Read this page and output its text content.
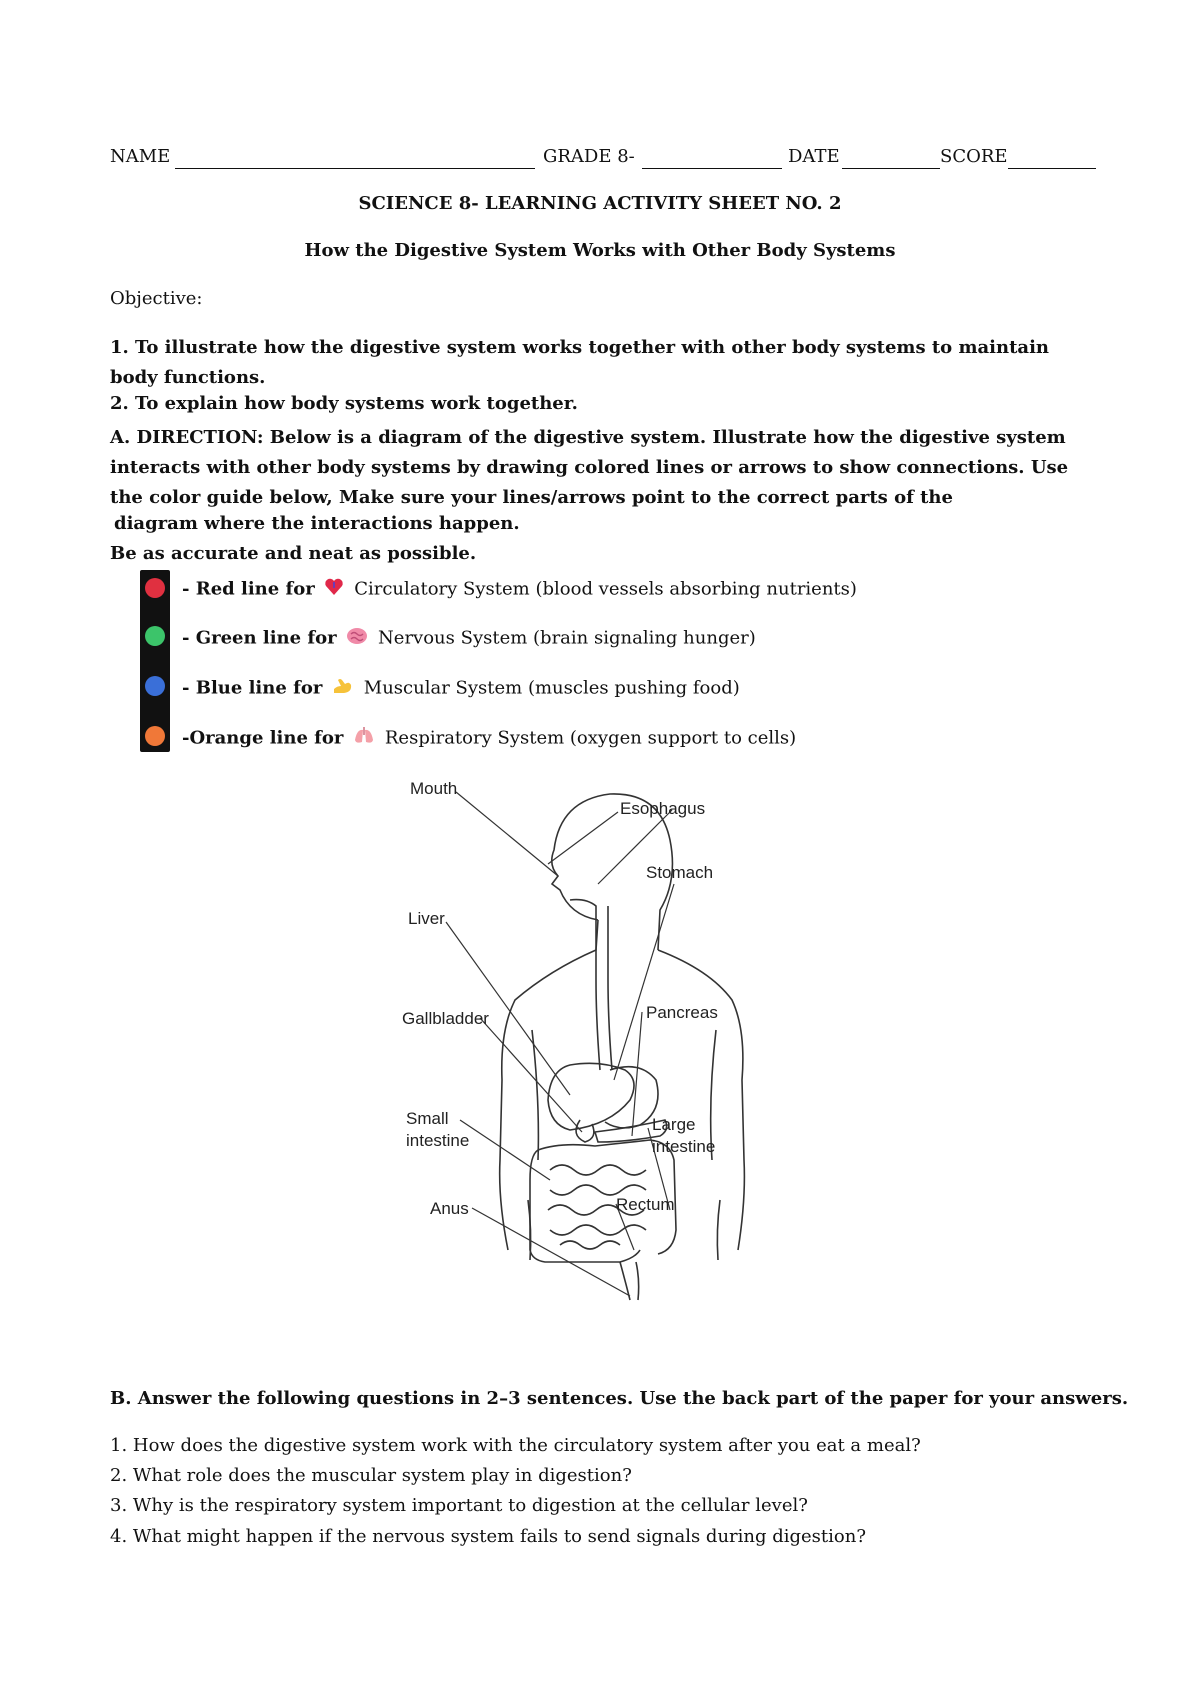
NAME	GRADE 8-	DATE	SCORE
SCIENCE 8- LEARNING ACTIVITY SHEET NO. 2
How the Digestive System Works with Other Body Systems
Objective:
1. To illustrate how the digestive system works together with other body systems to maintain body functions.
2. To explain how body systems work together.
A. DIRECTION: Below is a diagram of the digestive system. Illustrate how the digestive system interacts with other body systems by drawing colored lines or arrows to show connections. Use the color guide below, Make sure your lines/arrows point to the correct parts of the
diagram where the interactions happen.
Be as accurate and neat as possible.
- Red line for Circulatory System (blood vessels absorbing nutrients)
- Green line for Nervous System (brain signaling hunger)
- Blue line for Muscular System (muscles pushing food)
-Orange line for Respiratory System (oxygen support to cells)
Mouth
Esophagus
Stomach
Liver
Gallbladder	Pancreas
Small
intestine
Large
intestine
Anus	Rectum
B. Answer the following questions in 2–3 sentences. Use the back part of the paper for your answers.
1. How does the digestive system work with the circulatory system after you eat a meal?
2. What role does the muscular system play in digestion?
3. Why is the respiratory system important to digestion at the cellular level?
4. What might happen if the nervous system fails to send signals during digestion?
